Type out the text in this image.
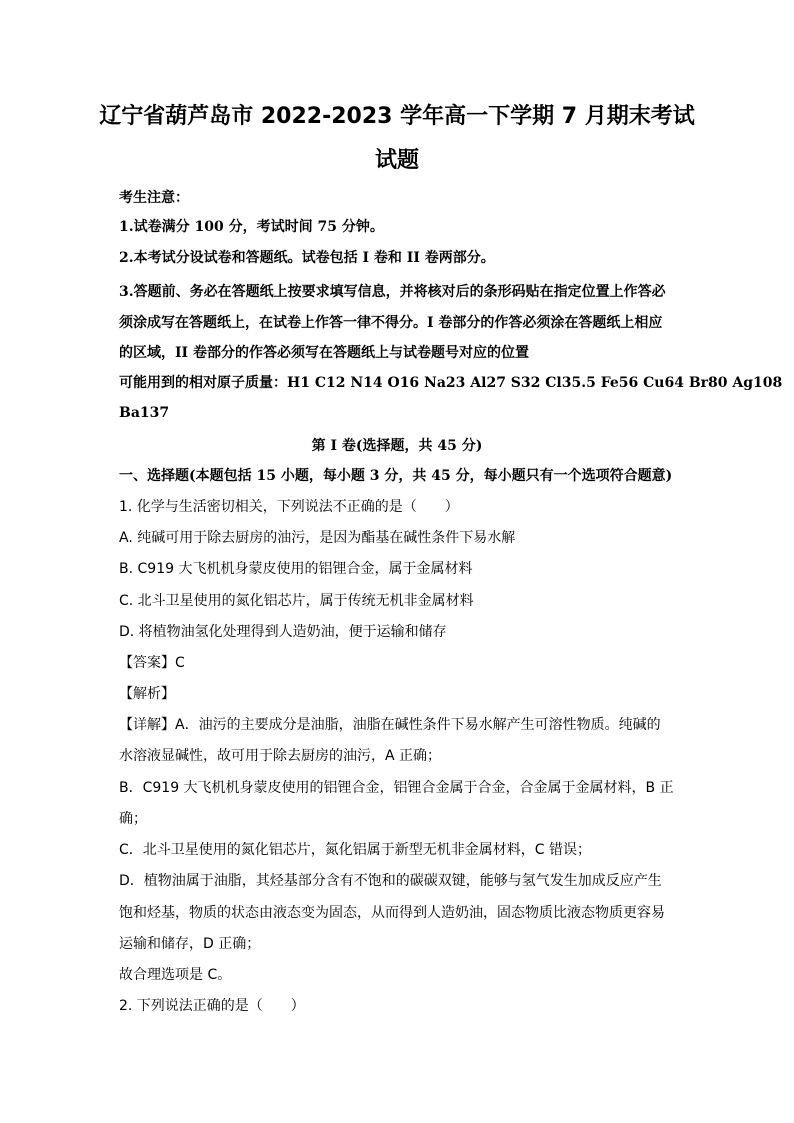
辽宁省葫芦岛市 2022-2023 学年高一下学期 7 月期末考试
试题
考生注意：
1.试卷满分 100 分，考试时间 75 分钟。
2.本考试分设试卷和答题纸。试卷包括 I 卷和 II 卷两部分。
3.答题前、务必在答题纸上按要求填写信息，并将核对后的条形码贴在指定位置上作答必
须涂成写在答题纸上，在试卷上作答一律不得分。I 卷部分的作答必须涂在答题纸上相应
的区域，II 卷部分的作答必须写在答题纸上与试卷题号对应的位置
可能用到的相对原子质量：H1 C12 N14 O16 Na23 Al27 S32 Cl35.5 Fe56 Cu64 Br80 Ag108
Ba137
第 I 卷(选择题，共 45 分)
一、选择题(本题包括 15 小题，每小题 3 分，共 45 分，每小题只有一个选项符合题意)
1. 化学与生活密切相关，下列说法不正确的是（　　）
A. 纯碱可用于除去厨房的油污，是因为酯基在碱性条件下易水解
B. C919 大飞机机身蒙皮使用的铝锂合金，属于金属材料
C. 北斗卫星使用的氮化铝芯片，属于传统无机非金属材料
D. 将植物油氢化处理得到人造奶油，便于运输和储存
【答案】C
【解析】
【详解】A．油污的主要成分是油脂，油脂在碱性条件下易水解产生可溶性物质。纯碱的
水溶液显碱性，故可用于除去厨房的油污，A 正确；
B．C919 大飞机机身蒙皮使用的铝锂合金，铝锂合金属于合金，合金属于金属材料，B 正
确；
C．北斗卫星使用的氮化铝芯片，氮化铝属于新型无机非金属材料，C 错误；
D．植物油属于油脂，其烃基部分含有不饱和的碳碳双键，能够与氢气发生加成反应产生
饱和烃基，物质的状态由液态变为固态，从而得到人造奶油，固态物质比液态物质更容易
运输和储存，D 正确；
故合理选项是 C。
2. 下列说法正确的是（　　）
